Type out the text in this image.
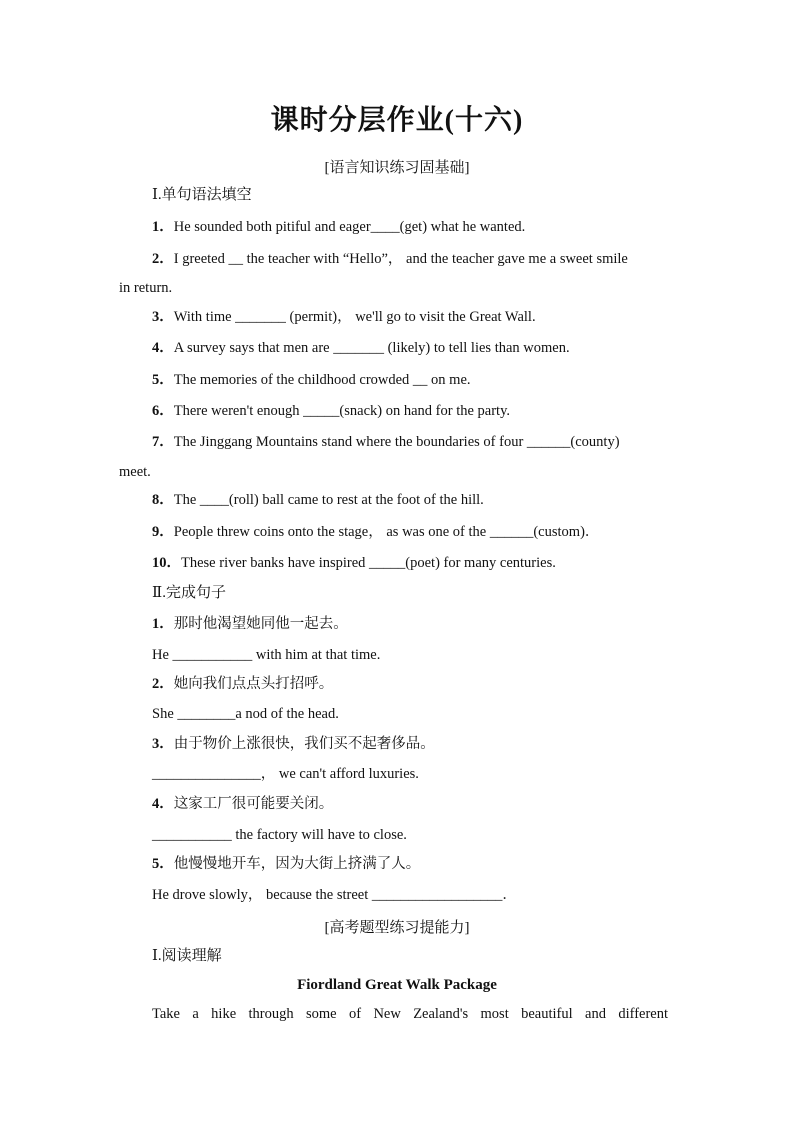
课时分层作业(十六)
[语言知识练习固基础]
Ⅰ.单句语法填空
1．He sounded both pitiful and eager____(get) what he wanted.
2．I greeted __ the teacher with “Hello”， and the teacher gave me a sweet smile
in return.
3．With time _______ (permit)， we'll go to visit the Great Wall.
4．A survey says that men are _______ (likely) to tell lies than women.
5．The memories of the childhood crowded __ on me.
6．There weren't enough _____(snack) on hand for the party.
7．The Jinggang Mountains stand where the boundaries of four ______(county)
meet.
8．The ____(roll) ball came to rest at the foot of the hill.
9．People threw coins onto the stage， as was one of the ______(custom)．
10．These river banks have inspired _____(poet) for many centuries.
Ⅱ.完成句子
1．那时他渴望她同他一起去。
He ___________ with him at that time.
2．她向我们点点头打招呼。
She ________a nod of the head.
3．由于物价上涨很快，我们买不起奢侈品。
_______________， we can't afford luxuries.
4．这家工厂很可能要关闭。
___________ the factory will have to close.
5．他慢慢地开车，因为大街上挤满了人。
He drove slowly， because the street __________________．
[高考题型练习提能力]
Ⅰ.阅读理解
Fiordland Great Walk Package
Take a hike through some of New Zealand's most beautiful and different
